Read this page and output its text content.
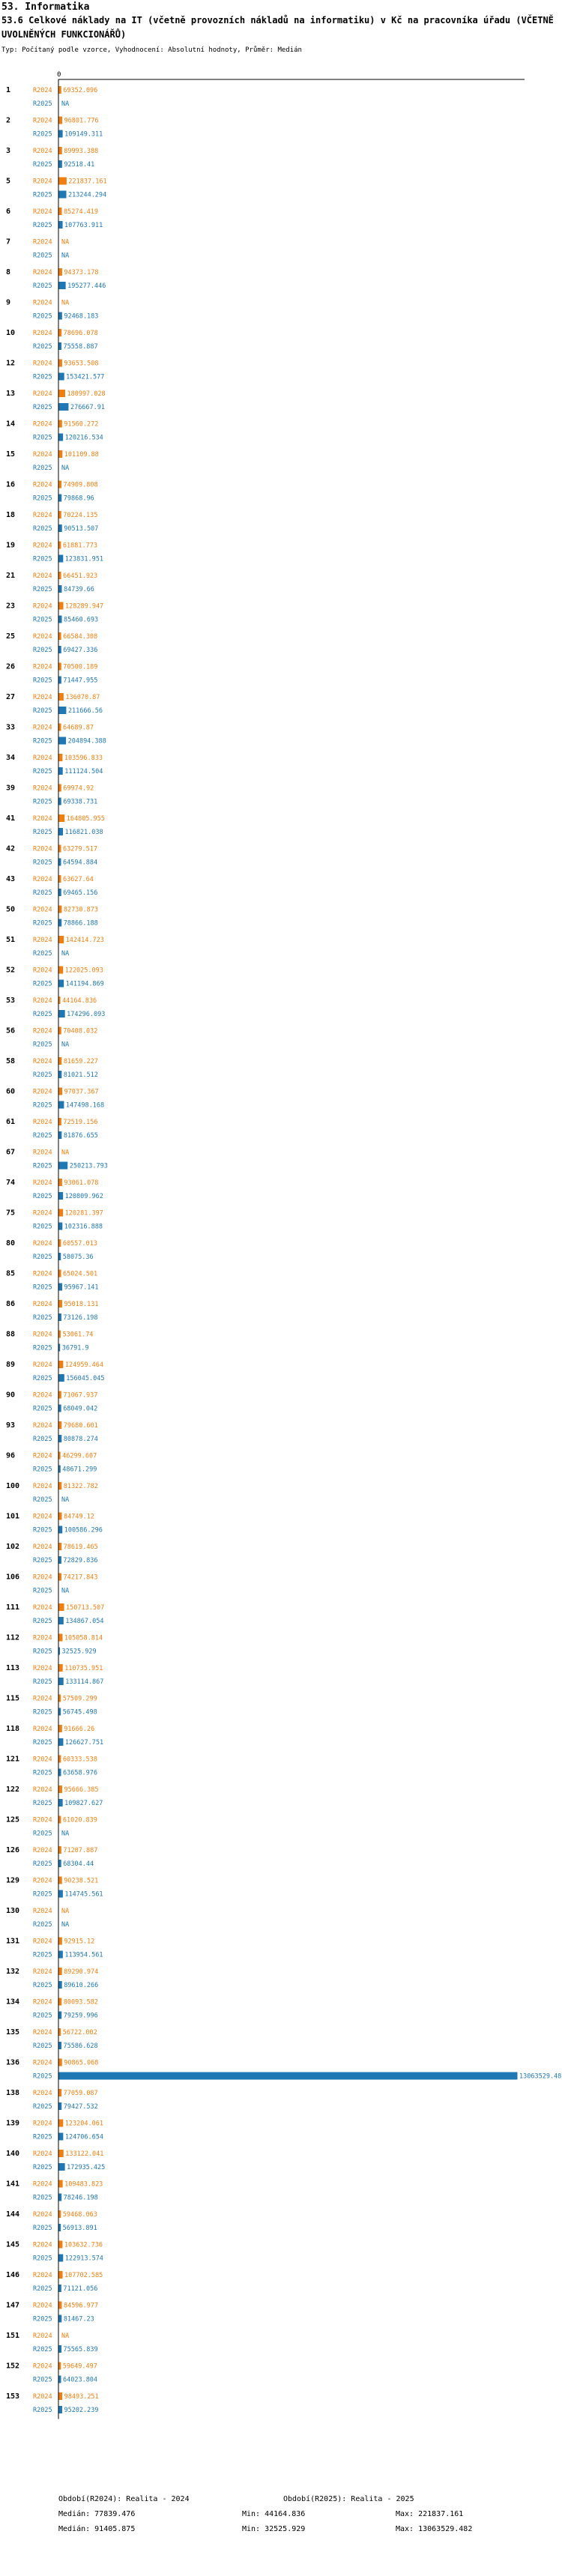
53. Informatika
53.6 Celkové náklady na IT (včetně provozních nákladů na informatiku) v Kč na pracovníka úřadu (VČETNĚ UVOLNĚNÝCH FUNKCIONÁŘŮ)
Typ: Počítaný podle vzorce, Vyhodnocení: Absolutní hodnoty, Průměr: Medián
0
1	R2024 69352.096
R2025 NA
2	R2024 96801.776
R2025 109149.311
3	R2024 89993.388
R2025 92518.41
5	R2024	221837.161
R2025	213244.294
6	R2024 85274.419
R2025 107763.911
7	R2024 NA
R2025 NA
8	R2024 94373.178
R2025 195277.446
9	R2024 NA
R2025 92468.183
10	R2024 78696.078
R2025 75558.887
12	R2024 93653.508
R2025 153421.577
13	R2024 180997.028
R2025	276667.91
14	R2024 91560.272
R2025 120216.534
15	R2024 101109.88
R2025 NA
16	R2024 74909.808
R2025 79868.96
18	R2024 70224.135
R2025 90513.507
19	R2024 61881.773
R2025 123831.951
21	R2024 66451.923
R2025 84739.66
23	R2024 128289.947
R2025 85460.693
25	R2024 66584.308
R2025 69427.336
26	R2024 70500.189
R2025 71447.955
27	R2024 136070.87
R2025	211666.56
33	R2024 64689.87
R2025 204894.388
34	R2024 103596.833
R2025 111124.504
39	R2024 69974.92
R2025 69338.731
41	R2024 164805.955
R2025 116821.038
42	R2024 63279.517
R2025 64594.884
43	R2024 63627.64
R2025 69465.156
50	R2024 82730.873
R2025 78866.188
51	R2024 142414.723
R2025 NA
52	R2024 122025.093
R2025 141194.869
53	R2024 44164.836
R2025 174296.093
56	R2024 70408.032
R2025 NA
58	R2024 81659.227
R2025 81021.512
60	R2024 97037.367
R2025 147498.168
61	R2024 72519.156
R2025 81876.655
67	R2024 NA
R2025	250213.793
74	R2024 93061.078
R2025 120809.962
75	R2024 120281.397
R2025 102316.888
80	R2024 60557.013
R2025 58075.36
85	R2024 65024.501
R2025 95967.141
86	R2024 95018.131
R2025 73126.198
88	R2024 53061.74
R2025 36791.9
89	R2024 124959.464
R2025 156045.045
90	R2024 71067.937
R2025 68049.042
93	R2024 79680.601
R2025 80878.274
96	R2024 46299.607
R2025 48671.299
100 R2024 81322.782
R2025 NA
101 R2024 84749.12
R2025 100586.296
102 R2024 78619.465
R2025 72829.836
106 R2024 74217.843
R2025 NA
111 R2024 150713.507
R2025 134867.054
112 R2024 105058.814
R2025 32525.929
113 R2024 110735.951
R2025 133114.867
115 R2024 57509.299
R2025 56745.498
118 R2024 91666.26
R2025 126627.751
121 R2024 60333.538
R2025 63658.976
122 R2024 95666.385
R2025 109827.627
125 R2024 61020.839
R2025 NA
126 R2024 71207.887
R2025 68304.44
129 R2024 90238.521
R2025 114745.561
130 R2024 NA
R2025 NA
131 R2024 92915.12
R2025 113954.561
132 R2024 89290.974
R2025 89610.266
134 R2024 80093.582
R2025 79259.996
135 R2024 56722.002
R2025 75586.628
136 R2024 90865.068
R2025	13063529.48
138 R2024 77059.087
R2025 79427.532
139 R2024 123204.061
R2025 124706.654
140 R2024 133122.041
R2025 172935.425
141 R2024 109483.823
R2025 78246.198
144 R2024 59468.063
R2025 56913.891
145 R2024 103632.736
R2025 122913.574
146 R2024 107702.585
R2025 71121.056
147 R2024 84596.977
R2025 81467.23
151 R2024 NA
R2025 75565.839
152 R2024 59649.497
R2025 64023.804
153 R2024 98493.251
R2025 95202.239
Období(R2024): Realita - 2024	Období(R2025): Realita - 2025
Medián: 77839.476	Min: 44164.836	Max: 221837.161
Medián: 91405.875	Min: 32525.929	Max: 13063529.482
